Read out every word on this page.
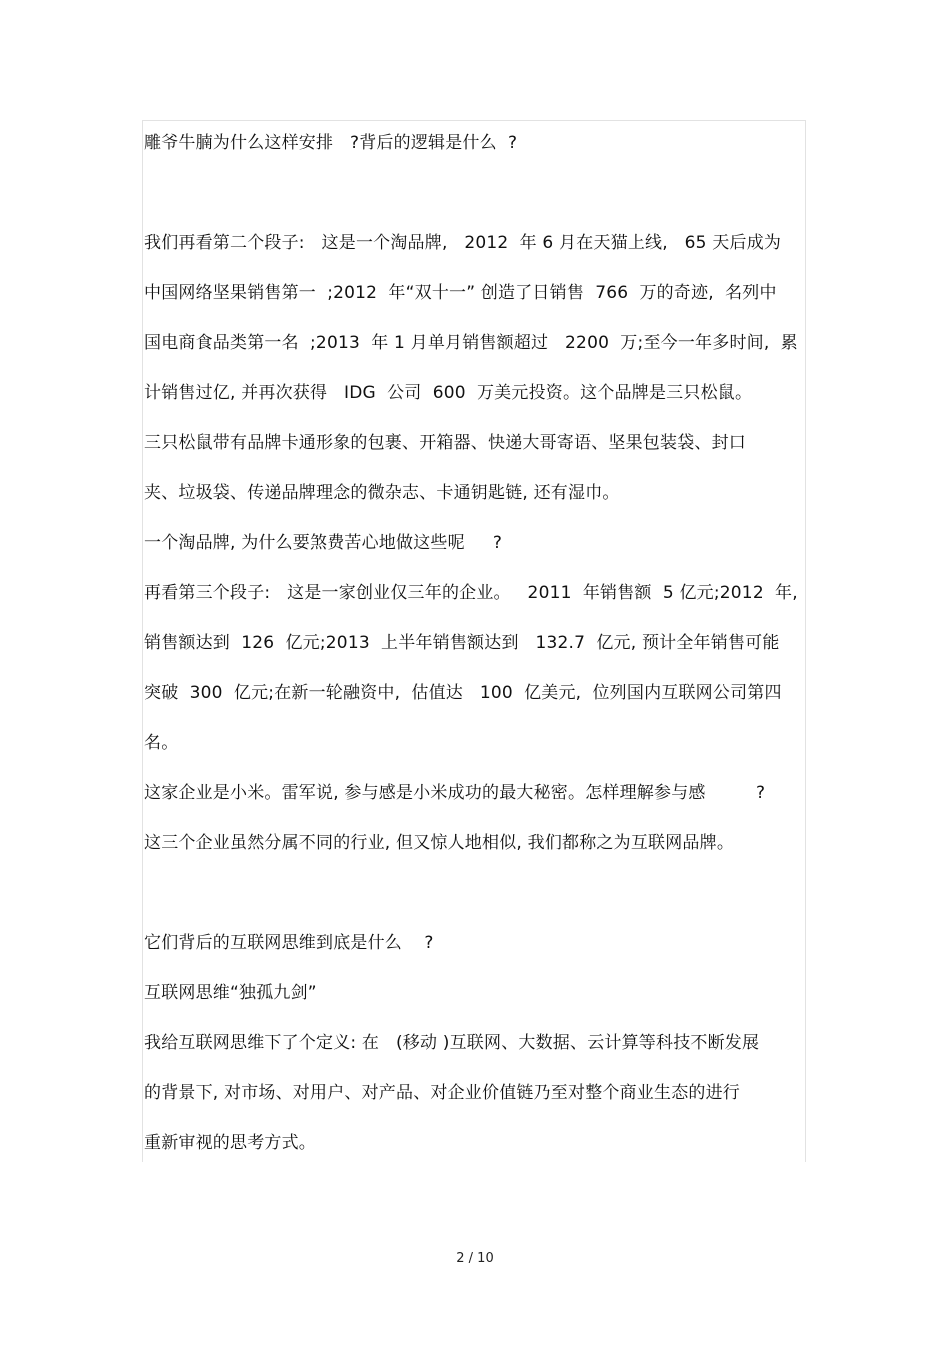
雕爷牛腩为什么这样安排   ?背后的逻辑是什么  ?
我们再看第二个段子:   这是一个淘品牌,   2012  年 6 月在天猫上线,   65 天后成为
中国网络坚果销售第一  ;2012  年“双十一” 创造了日销售  766  万的奇迹,  名列中
国电商食品类第一名  ;2013  年 1 月单月销售额超过   2200  万;至今一年多时间,  累
计销售过亿, 并再次获得   IDG  公司  600  万美元投资。这个品牌是三只松鼠。
三只松鼠带有品牌卡通形象的包裹、开箱器、快递大哥寄语、坚果包装袋、封口
夹、垃圾袋、传递品牌理念的微杂志、卡通钥匙链, 还有湿巾。
一个淘品牌, 为什么要煞费苦心地做这些呢     ?
再看第三个段子:   这是一家创业仅三年的企业。   2011  年销售额  5 亿元;2012  年,
销售额达到  126  亿元;2013  上半年销售额达到   132.7  亿元, 预计全年销售可能
突破  300  亿元;在新一轮融资中,  估值达   100  亿美元,  位列国内互联网公司第四
名。
这家企业是小米。雷军说, 参与感是小米成功的最大秘密。怎样理解参与感         ?
这三个企业虽然分属不同的行业, 但又惊人地相似, 我们都称之为互联网品牌。
它们背后的互联网思维到底是什么    ?
互联网思维“独孤九剑”
我给互联网思维下了个定义: 在   (移动 )互联网、大数据、云计算等科技不断发展
的背景下, 对市场、对用户、对产品、对企业价值链乃至对整个商业生态的进行
重新审视的思考方式。
2 / 10
